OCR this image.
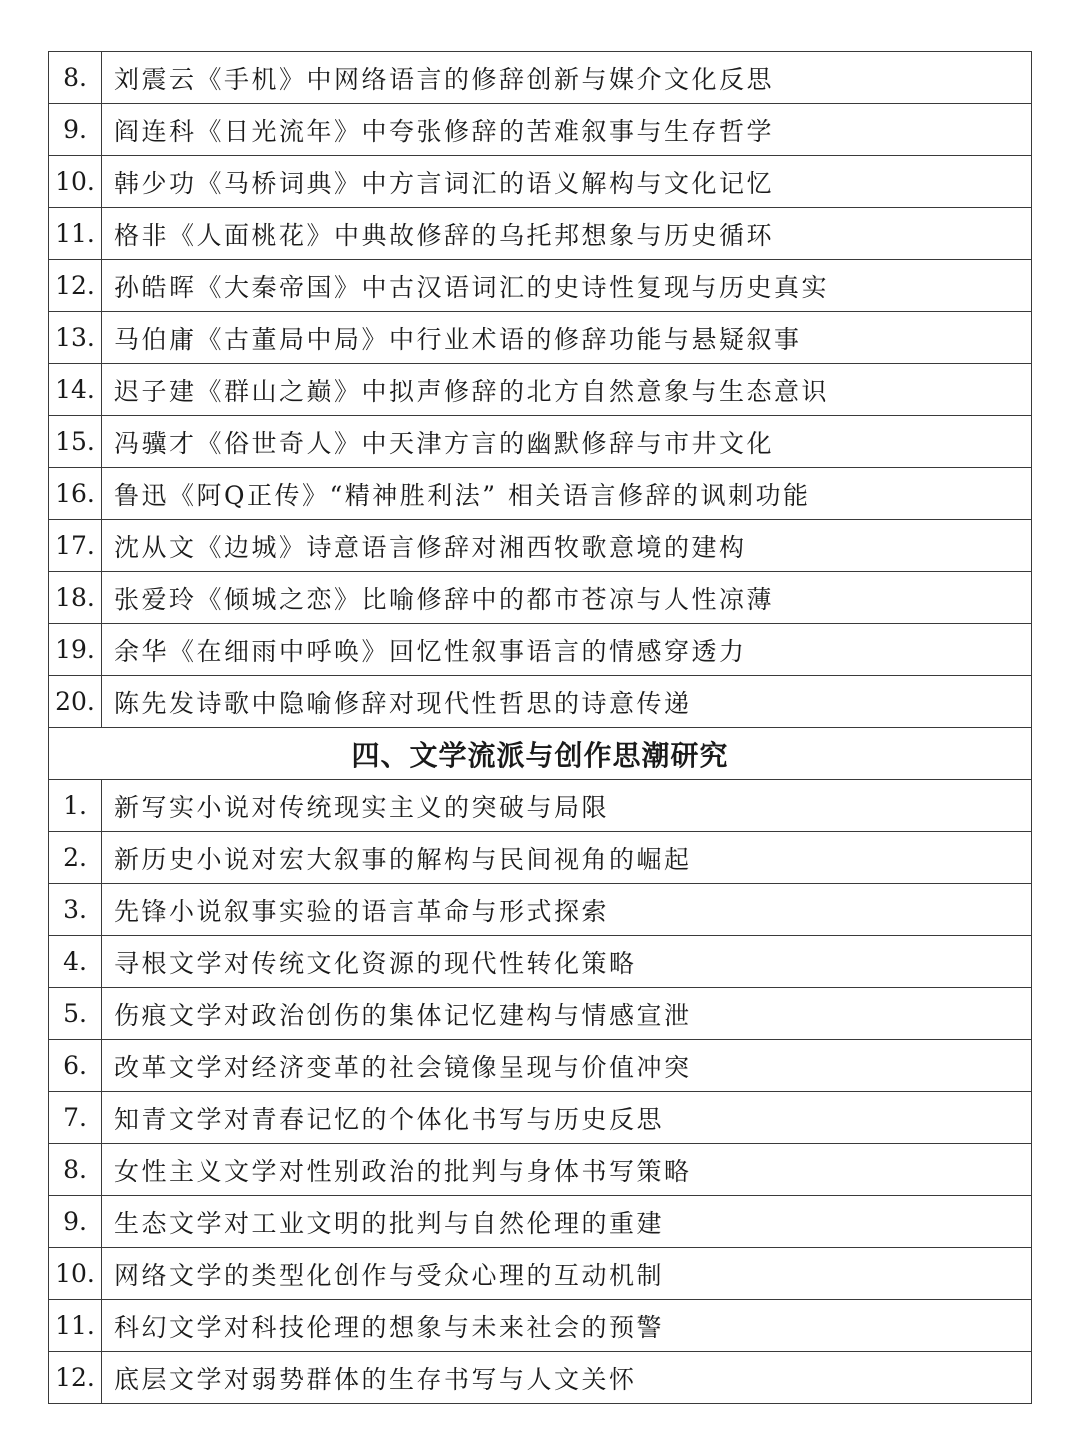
8.	刘震云《手机》中网络语言的修辞创新与媒介文化反思
9.	阎连科《日光流年》中夸张修辞的苦难叙事与生存哲学
10.	韩少功《马桥词典》中方言词汇的语义解构与文化记忆
11.	格非《人面桃花》中典故修辞的乌托邦想象与历史循环
12.	孙皓晖《大秦帝国》中古汉语词汇的史诗性复现与历史真实
13.	马伯庸《古董局中局》中行业术语的修辞功能与悬疑叙事
14.	迟子建《群山之巅》中拟声修辞的北方自然意象与生态意识
15.	冯骥才《俗世奇人》中天津方言的幽默修辞与市井文化
16.	鲁迅《阿Q正传》“精神胜利法” 相关语言修辞的讽刺功能
17.	沈从文《边城》诗意语言修辞对湘西牧歌意境的建构
18.	张爱玲《倾城之恋》比喻修辞中的都市苍凉与人性凉薄
19.	余华《在细雨中呼唤》回忆性叙事语言的情感穿透力
20.	陈先发诗歌中隐喻修辞对现代性哲思的诗意传递
四、文学流派与创作思潮研究	
1.	新写实小说对传统现实主义的突破与局限
2.	新历史小说对宏大叙事的解构与民间视角的崛起
3.	先锋小说叙事实验的语言革命与形式探索
4.	寻根文学对传统文化资源的现代性转化策略
5.	伤痕文学对政治创伤的集体记忆建构与情感宣泄
6.	改革文学对经济变革的社会镜像呈现与价值冲突
7.	知青文学对青春记忆的个体化书写与历史反思
8.	女性主义文学对性别政治的批判与身体书写策略
9.	生态文学对工业文明的批判与自然伦理的重建
10.	网络文学的类型化创作与受众心理的互动机制
11.	科幻文学对科技伦理的想象与未来社会的预警
12.	底层文学对弱势群体的生存书写与人文关怀
